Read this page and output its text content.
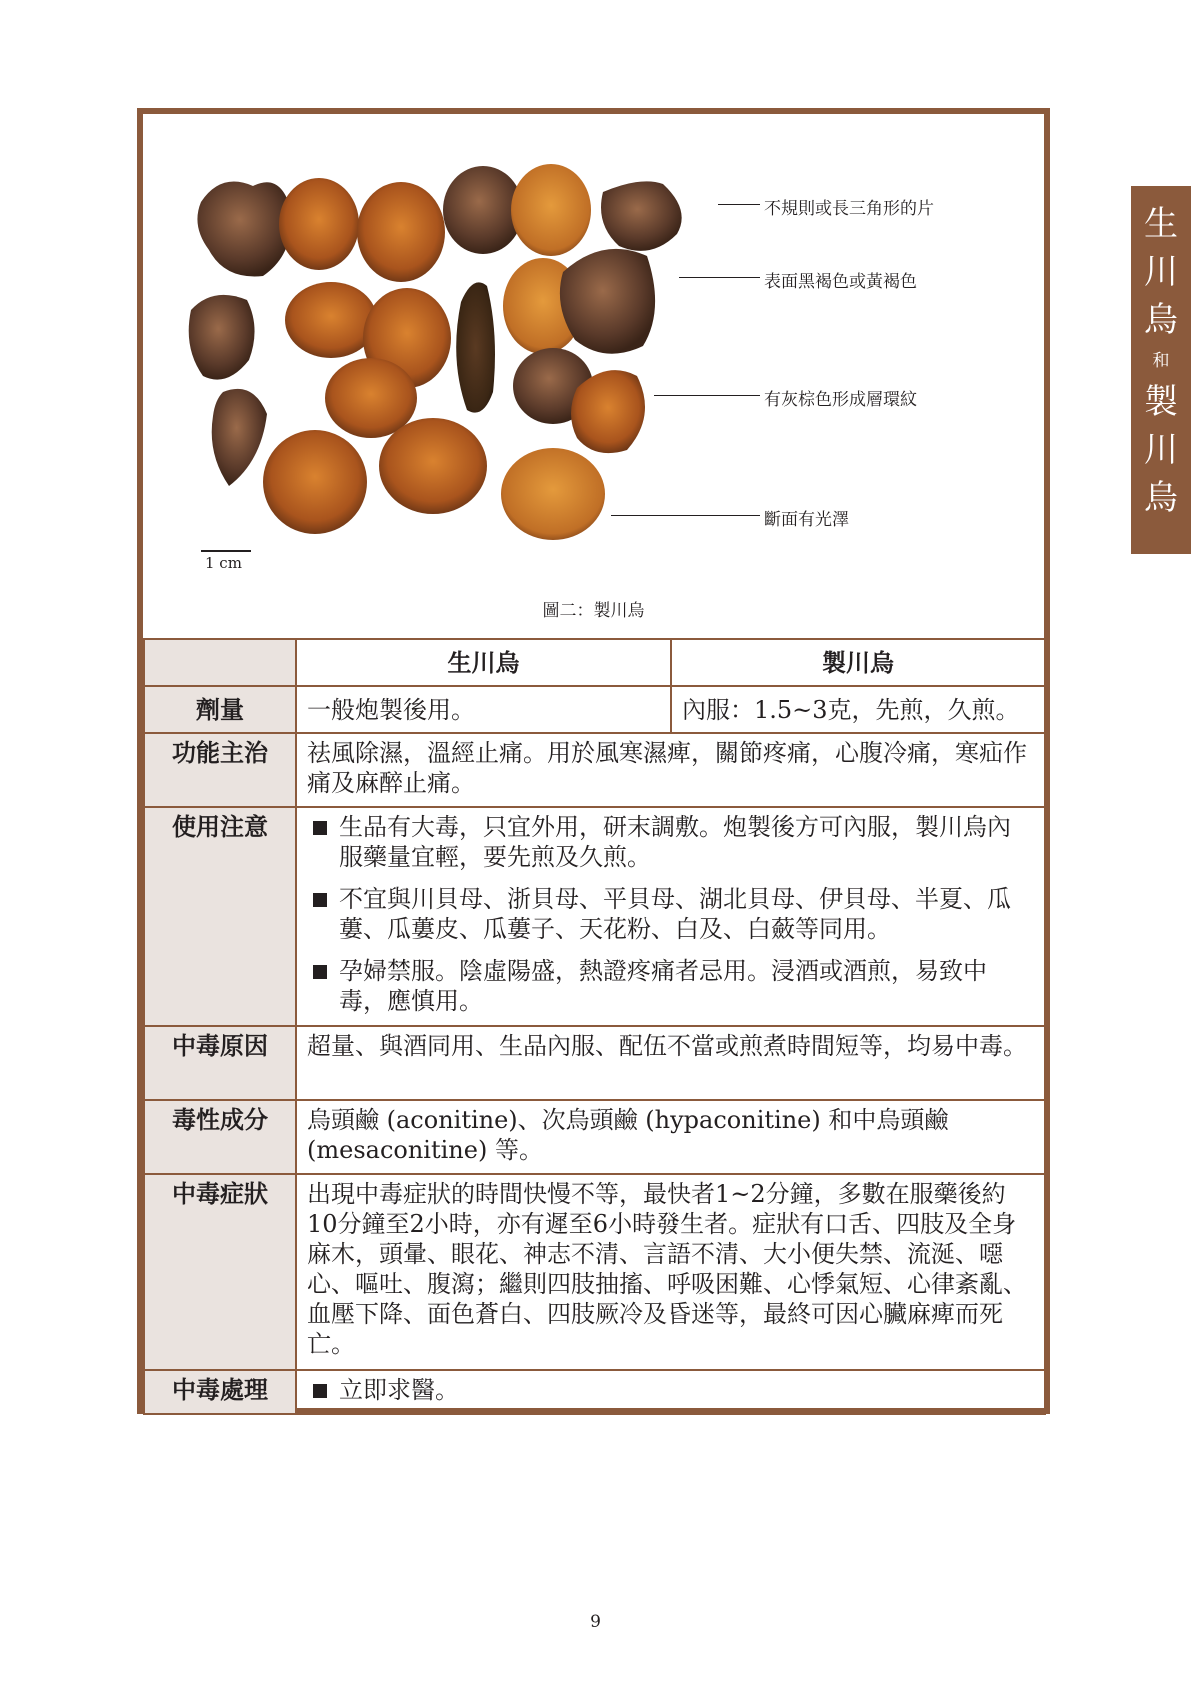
不規則或長三角形的片
表面黑褐色或黃褐色
有灰棕色形成層環紋
斷面有光澤
1 cm
圖二：製川烏
	生川烏	製川烏
劑量	一般炮製後用。	內服：1.5~3克，先煎，久煎。
功能主治	祛風除濕，溫經止痛。用於風寒濕痺，關節疼痛，心腹冷痛，寒疝作痛及麻醉止痛。	
使用注意	生品有大毒，只宜外用，研末調敷。炮製後方可內服，製川烏內服藥量宜輕，要先煎及久煎。
不宜與川貝母、浙貝母、平貝母、湖北貝母、伊貝母、半夏、瓜蔞、瓜蔞皮、瓜蔞子、天花粉、白及、白蘞等同用。
孕婦禁服。陰虛陽盛，熱證疼痛者忌用。浸酒或酒煎，易致中毒，應慎用。	

中毒原因	超量、與酒同用、生品內服、配伍不當或煎煮時間短等，均易中毒。	
毒性成分	烏頭鹼 (aconitine)、次烏頭鹼 (hypaconitine) 和中烏頭鹼 (mesaconitine) 等。	
中毒症狀	出現中毒症狀的時間快慢不等，最快者1~2分鐘，多數在服藥後約10分鐘至2小時，亦有遲至6小時發生者。症狀有口舌、四肢及全身麻木，頭暈、眼花、神志不清、言語不清、大小便失禁、流涎、噁心、嘔吐、腹瀉；繼則四肢抽搐、呼吸困難、心悸氣短、心律紊亂、血壓下降、面色蒼白、四肢厥冷及昏迷等，最終可因心臟麻痺而死亡。	
中毒處理	立即求醫。	
生
川
烏
和
製
川
烏
9
